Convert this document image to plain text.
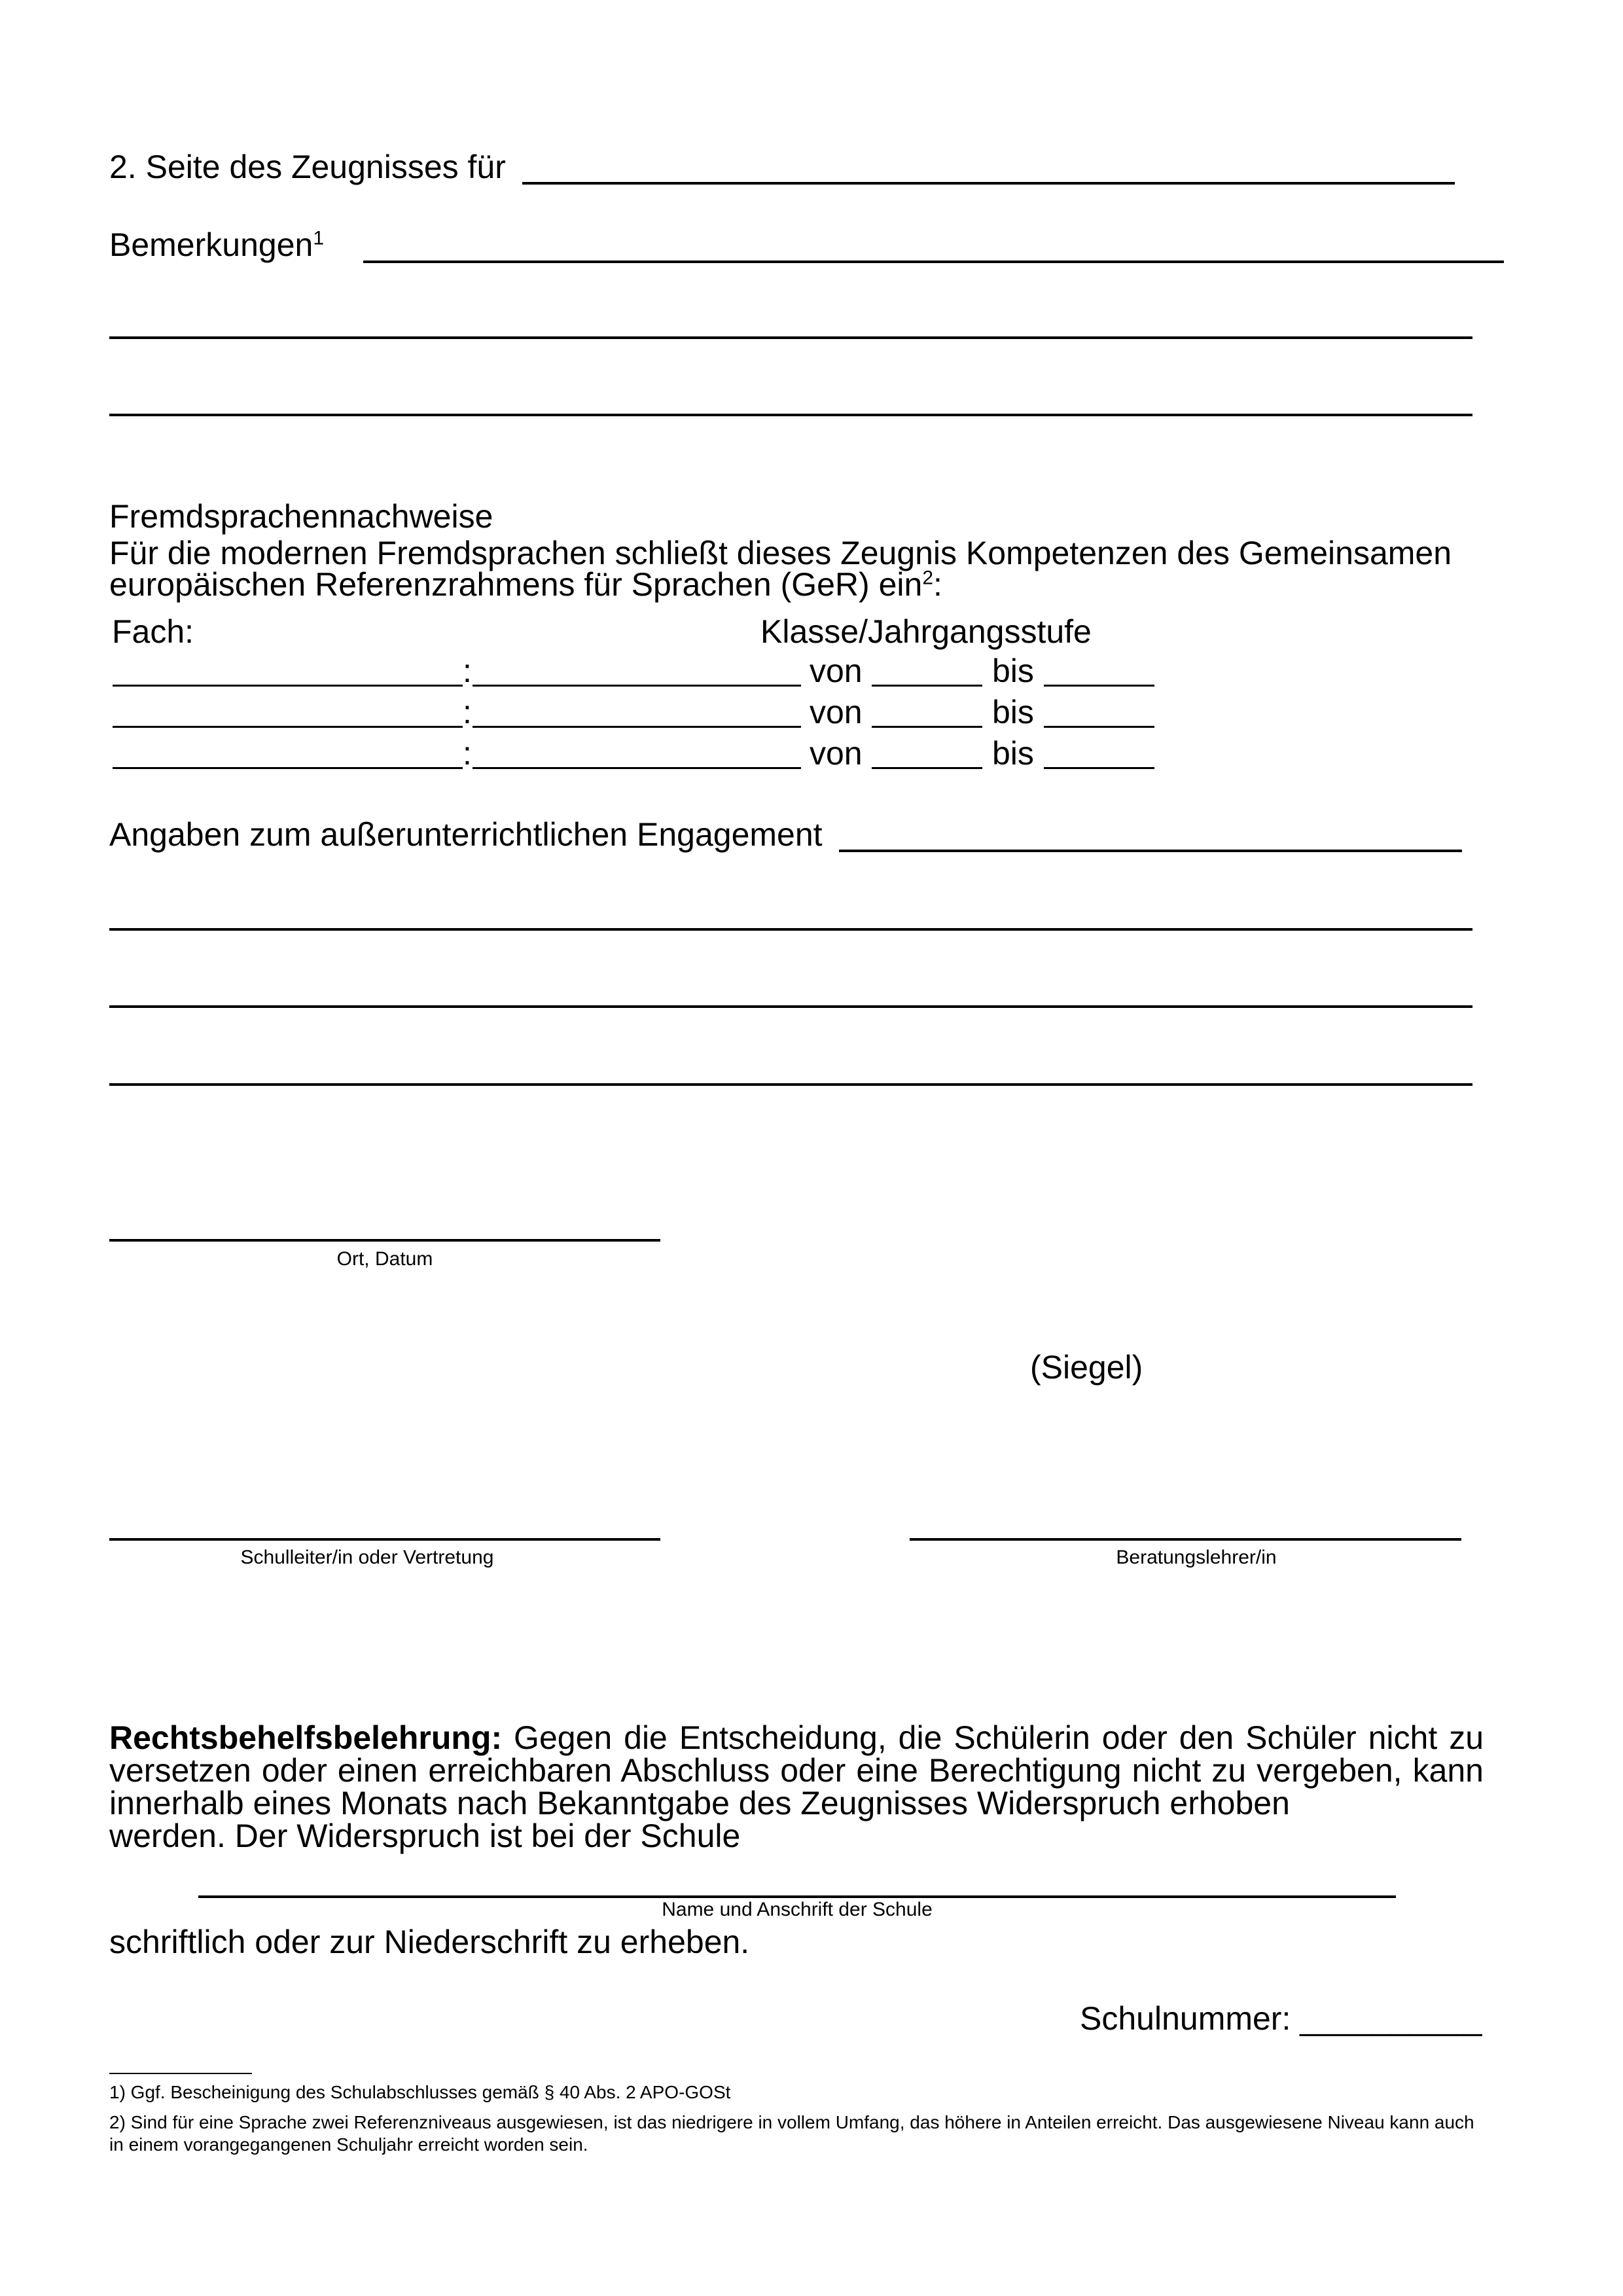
2. Seite des Zeugnisses für
Bemerkungen$^1$
Fremdsprachennachweise
Für die modernen Fremdsprachen schließt dieses Zeugnis Kompetenzen des Gemeinsamen
europäischen Referenzrahmens für Sprachen (GeR) ein$^2$:
Fach:	Klasse/Jahrgangsstufe
:	von	bis
:	von	bis
:	von	bis
Angaben zum außerunterrichtlichen Engagement
Ort, Datum
(Siegel)
Schulleiter/in oder Vertretung	Beratungslehrer/in
Rechtsbehelfsbelehrung: Gegen die Entscheidung, die Schülerin oder den Schüler nicht zu versetzen oder einen erreichbaren Abschluss oder eine Berechtigung nicht zu vergeben, kann innerhalb eines Monats nach Bekanntgabe des Zeugnisses Widerspruch erhoben
werden. Der Widerspruch ist bei der Schule
Name und Anschrift der Schule
schriftlich oder zur Niederschrift zu erheben.
Schulnummer: __________
1) Ggf. Bescheinigung des Schulabschlusses gemäß § 40 Abs. 2 APO-GOSt
2) Sind für eine Sprache zwei Referenzniveaus ausgewiesen, ist das niedrigere in vollem Umfang, das höhere in Anteilen erreicht. Das ausgewiesene Niveau kann auch in einem vorangegangenen Schuljahr erreicht worden sein.
